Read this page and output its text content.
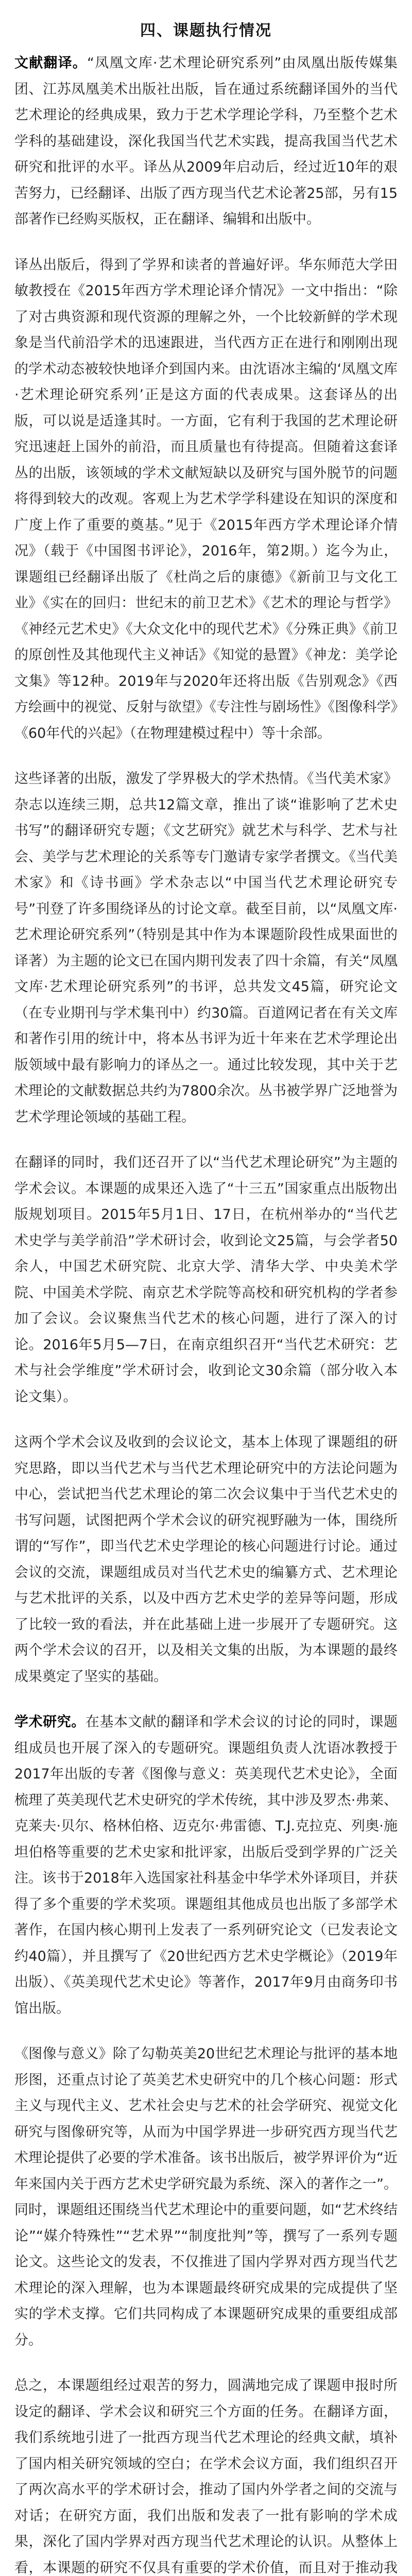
四、课题执行情况

文献翻译。“凤凰文库·艺术理论研究系列”由凤凰出版传媒集团、江苏凤凰美术出版社出版，旨在通过系统翻译国外的当代艺术理论的经典成果，致力于艺术学理论学科，乃至整个艺术学科的基础建设，深化我国当代艺术实践，提高我国当代艺术研究和批评的水平。译丛从2009年启动后，经过近10年的艰苦努力，已经翻译、出版了西方现当代艺术论著25部，另有15部著作已经购买版权，正在翻译、编辑和出版中。

译丛出版后，得到了学界和读者的普遍好评。华东师范大学田敏教授在《2015年西方学术理论译介情况》一文中指出：“除了对古典资源和现代资源的理解之外，一个比较新鲜的学术现象是当代前沿学术的迅速跟进，当代西方正在进行和刚刚出现的学术动态被较快地译介到国内来。由沈语冰主编的‘凤凰文库·艺术理论研究系列’正是这方面的代表成果。这套译丛的出版，可以说是适逢其时。一方面，它有利于我国的艺术理论研究迅速赶上国外的前沿，而且质量也有待提高。但随着这套译丛的出版，该领域的学术文献短缺以及研究与国外脱节的问题将得到较大的改观。客观上为艺术学学科建设在知识的深度和广度上作了重要的奠基。”见于《2015年西方学术理论译介情况》（载于《中国图书评论》，2016年，第2期。）迄今为止，课题组已经翻译出版了《杜尚之后的康德》《新前卫与文化工业》《实在的回归：世纪末的前卫艺术》《艺术的理论与哲学》《神经元艺术史》《大众文化中的现代艺术》《分殊正典》《前卫的原创性及其他现代主义神话》《知觉的悬置》《神龙：美学论文集》等12种。2019年与2020年还将出版《告别观念》《西方绘画中的视觉、反射与欲望》《专注性与剧场性》《图像科学》《60年代的兴起》（在物理建模过程中）等十余部。

这些译著的出版，激发了学界极大的学术热情。《当代美术家》杂志以连续三期，总共12篇文章，推出了谈“谁影响了艺术史书写”的翻译研究专题；《文艺研究》就艺术与科学、艺术与社会、美学与艺术理论的关系等专门邀请专家学者撰文。《当代美术家》和《诗书画》学术杂志以“中国当代艺术理论研究专号”刊登了许多围绕译丛的讨论文章。截至目前，以“凤凰文库·艺术理论研究系列”（特别是其中作为本课题阶段性成果面世的译著）为主题的论文已在国内期刊发表了四十余篇，有关“凤凰文库·艺术理论研究系列”的书评，总共发文45篇，研究论文（在专业期刊与学术集刊中）约30篇。百道网记者在有关文库和著作引用的统计中，将本丛书评为近十年来在艺术学理论出版领域中最有影响力的译丛之一。通过比较发现，其中关于艺术理论的文献数据总共约为7800余次。丛书被学界广泛地誉为艺术学理论领域的基础工程。

在翻译的同时，我们还召开了以“当代艺术理论研究”为主题的学术会议。本课题的成果还入选了“十三五”国家重点出版物出版规划项目。2015年5月1日、17日，在杭州举办的“当代艺术史学与美学前沿”学术研讨会，收到论文25篇，与会学者50余人，中国艺术研究院、北京大学、清华大学、中央美术学院、中国美术学院、南京艺术学院等高校和研究机构的学者参加了会议。会议聚焦当代艺术的核心问题，进行了深入的讨论。2016年5月5—7日，在南京组织召开“当代艺术研究：艺术与社会学维度”学术研讨会，收到论文30余篇（部分收入本论文集）。

这两个学术会议及收到的会议论文，基本上体现了课题组的研究思路，即以当代艺术与当代艺术理论研究中的方法论问题为中心，尝试把当代艺术理论的第二次会议集中于当代艺术史的书写问题，试图把两个学术会议的研究视野融为一体，围绕所谓的“写作”，即当代艺术史学理论的核心问题进行讨论。通过会议的交流，课题组成员对当代艺术史的编纂方式、艺术理论与艺术批评的关系，以及中西方艺术史学的差异等问题，形成了比较一致的看法，并在此基础上进一步展开了专题研究。这两个学术会议的召开，以及相关文集的出版，为本课题的最终成果奠定了坚实的基础。

学术研究。在基本文献的翻译和学术会议的讨论的同时，课题组成员也开展了深入的专题研究。课题组负责人沈语冰教授于2017年出版的专著《图像与意义：英美现代艺术史论》，全面梳理了英美现代艺术史研究的学术传统，其中涉及罗杰·弗莱、克莱夫·贝尔、格林伯格、迈克尔·弗雷德、T.J.克拉克、列奥·施坦伯格等重要的艺术史家和批评家，出版后受到学界的广泛关注。该书于2018年入选国家社科基金中华学术外译项目，并获得了多个重要的学术奖项。课题组其他成员也出版了多部学术著作，在国内核心期刊上发表了一系列研究论文（已发表论文约40篇），并且撰写了《20世纪西方艺术史学概论》（2019年出版）、《英美现代艺术史论》等著作，2017年9月由商务印书馆出版。

《图像与意义》除了勾勒英美20世纪艺术理论与批评的基本地形图，还重点讨论了英美艺术史研究中的几个核心问题：形式主义与现代主义、艺术社会史与艺术的社会学研究、视觉文化研究与图像研究等，从而为中国学界进一步研究西方现当代艺术理论提供了必要的学术准备。该书出版后，被学界评价为“近年来国内关于西方艺术史学研究最为系统、深入的著作之一”。同时，课题组还围绕当代艺术理论中的重要问题，如“艺术终结论”“媒介特殊性”“艺术界”“制度批判”等，撰写了一系列专题论文。这些论文的发表，不仅推进了国内学界对西方现当代艺术理论的深入理解，也为本课题最终研究成果的完成提供了坚实的学术支撑。它们共同构成了本课题研究成果的重要组成部分。

总之，本课题组经过艰苦的努力，圆满地完成了课题申报时所设定的翻译、学术会议和研究三个方面的任务。在翻译方面，我们系统地引进了一批西方现当代艺术理论的经典文献，填补了国内相关研究领域的空白；在学术会议方面，我们组织召开了两次高水平的学术研讨会，推动了国内外学者之间的交流与对话；在研究方面，我们出版和发表了一批有影响的学术成果，深化了国内学界对西方现当代艺术理论的认识。从整体上看，本课题的研究不仅具有重要的学术价值，而且对于推动我
